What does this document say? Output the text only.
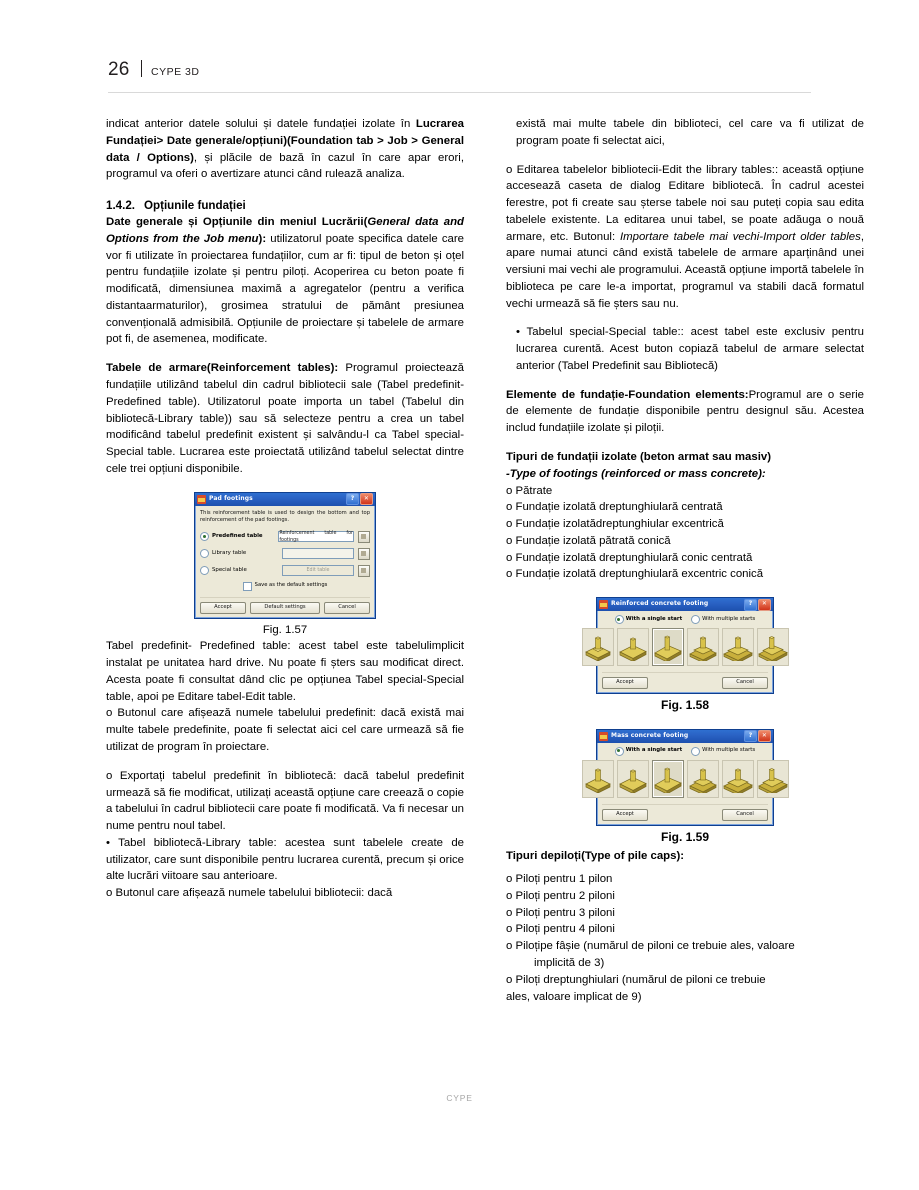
26 CYPE 3D

indicat anterior datele solului și datele fundației izolate în Lucrarea Fundației> Date generale/opțiuni)(Foundation tab > Job > General data / Options), și plăcile de bază în cazul în care apar erori, programul va oferi o avertizare atunci când rulează analiza.

1.4.2. Opțiunile fundației

Date generale și Opțiunile din meniul Lucrării(General data and Options from the Job menu): utilizatorul poate specifica datele care vor fi utilizate în proiectarea fundațiilor, cum ar fi: tipul de beton și oțel pentru fundațiile izolate și pentru piloți. Acoperirea cu beton poate fi modificată, dimensiunea maximă a agregatelor (pentru a verifica distantaarmaturilor), grosimea stratului de pământ presiunea convențională admisibilă. Opțiunile de proiectare și tabelele de armare pot fi, de asemenea, modificate.

Tabele de armare(Reinforcement tables): Programul proiectează fundațiile utilizând tabelul din cadrul bibliotecii sale (Tabel predefinit-Predefined table). Utilizatorul poate importa un tabel (Tabelul din bibliotecă-Library table)) sau să selecteze pentru a crea un tabel modificând tabelul predefinit existent și salvându-l ca Tabel special-Special table. Lucrarea este proiectată utilizând tabelul selectat dintre cele trei opțiuni disponibile.

Pad footings	?	✕
This reinforcement table is used to design the bottom and top reinforcement of the pad footings.
Predefined table	Reinforcement table for footings
Library table
Special table	Edit table
Save as the default settings
Accept	Default settings	Cancel

Fig. 1.57

Tabel predefinit- Predefined table: acest tabel este tabelulimplicit instalat pe unitatea hard drive. Nu poate fi șters sau modificat direct. Acesta poate fi consultat dând clic pe opțiunea Tabel special-Special table, apoi pe Editare tabel-Edit table.

o Butonul care afișează numele tabelului predefinit: dacă există mai multe tabele predefinite, poate fi selectat aici cel care urmează să fie utilizat de program în proiectare.

o Exportați tabelul predefinit în bibliotecă: dacă tabelul predefinit urmează să fie modificat, utilizați această opțiune care creează o copie a tabelului în cadrul bibliotecii care poate fi modificată. Va fi necesar un nume pentru noul tabel.

• Tabel bibliotecă-Library table: acestea sunt tabelele create de utilizator, care sunt disponibile pentru lucrarea curentă, precum și orice alte lucrări viitoare sau anterioare.

o Butonul care afișează numele tabelului bibliotecii: dacă

există mai multe tabele din biblioteci, cel care va fi utilizat de program poate fi selectat aici,

o Editarea tabelelor bibliotecii-Edit the library tables:: această opțiune accesează caseta de dialog Editare bibliotecă. În cadrul acestei ferestre, pot fi create sau șterse tabele noi sau puteți copia sau edita tabelele existente. La editarea unui tabel, se poate adăuga o nouă armare, etc. Butonul: Importare tabele mai vechi-Import older tables, apare numai atunci când există tabelele de armare aparținând unei versiuni mai vechi ale programului. Această opțiune importă tabelele în biblioteca pe care le-a importat, programul va stabili dacă formatul vechi urmează să fie șters sau nu.

• Tabelul special-Special table:: acest tabel este exclusiv pentru lucrarea curentă. Acest buton copiază tabelul de armare selectat anterior (Tabel Predefinit sau Bibliotecă)

Elemente de fundație-Foundation elements:Programul are o serie de elemente de fundație disponibile pentru designul său. Acestea includ fundațiile izolate și piloții.

Tipuri de fundații izolate (beton armat sau masiv)

-Type of footings (reinforced or mass concrete):

o Pătrate

o Fundație izolată dreptunghiulară centrată

o Fundație izolatădreptunghiular excentrică

o Fundație izolată pătrată conică

o Fundație izolată dreptunghiulară conic centrată

o Fundație izolată dreptunghiulară excentric conică

Reinforced concrete footing	?	✕
With a single start	With multiple starts
Accept	Cancel

Fig. 1.58

Mass concrete footing	?	✕
With a single start	With multiple starts
Accept	Cancel

Fig. 1.59

Tipuri depiloți(Type of pile caps):

o Piloți pentru 1 pilon

o Piloți pentru 2 piloni

o Piloți pentru 3 piloni

o Piloți pentru 4 piloni

o Piloțipe fâșie (numărul de piloni ce trebuie ales, valoare

implicită de 3)

o Piloți dreptunghiulari (numărul de piloni ce trebuie

ales, valoare implicat de 9)

CYPE
